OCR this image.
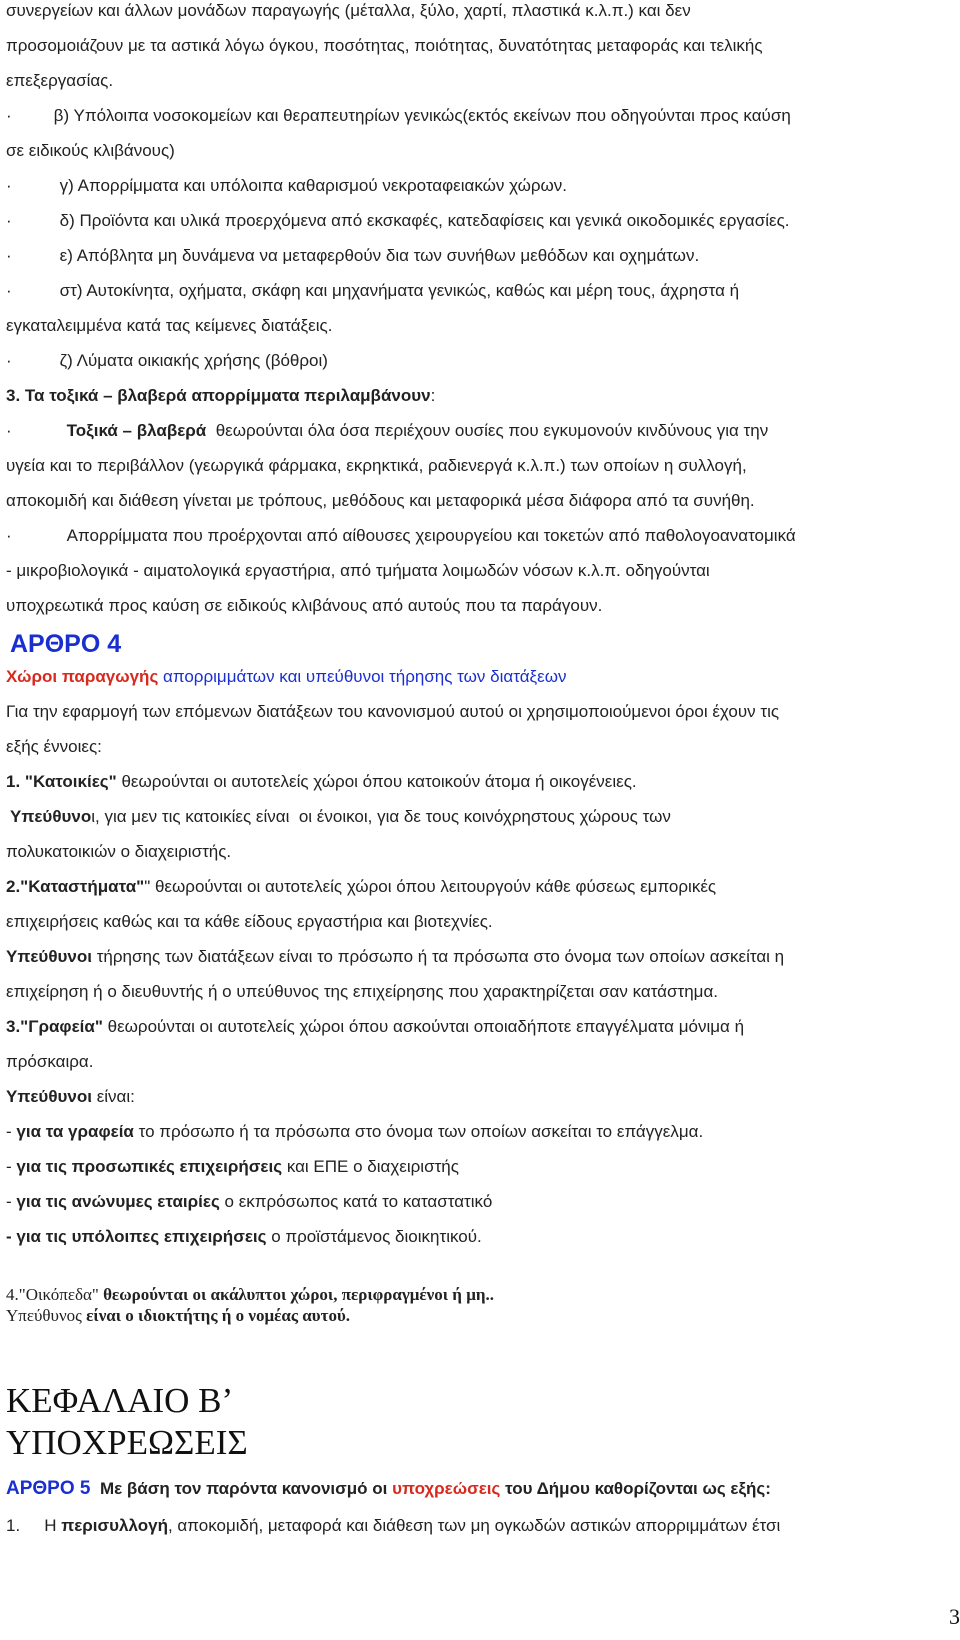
συνεργείων και άλλων μονάδων παραγωγής (μέταλλα, ξύλο, χαρτί, πλαστικά κ.λ.π.) και δεν
προσομοιάζουν με τα αστικά λόγω όγκου, ποσότητας, ποιότητας, δυνατότητας μεταφοράς και τελικής
επεξεργασίας.
· β) Υπόλοιπα νοσοκομείων και θεραπευτηρίων γενικώς(εκτός εκείνων που οδηγούνται προς καύση
σε ειδικούς κλιβάνους)
·	γ) Απορρίμματα και υπόλοιπα καθαρισμού νεκροταφειακών χώρων.
·	δ) Προϊόντα και υλικά προερχόμενα από εκσκαφές, κατεδαφίσεις και γενικά οικοδομικές εργασίες.
·	ε) Απόβλητα μη δυνάμενα να μεταφερθούν δια των συνήθων μεθόδων και οχημάτων.
·	στ) Αυτοκίνητα, οχήματα, σκάφη και μηχανήματα γενικώς, καθώς και μέρη τους, άχρηστα ή
εγκαταλειμμένα κατά τας κείμενες διατάξεις.
·	ζ) Λύματα οικιακής χρήσης (βόθροι)
3. Τα τοξικά – βλαβερά απορρίμματα περιλαμβάνουν:
·	Τοξικά – βλαβερά θεωρούνται όλα όσα περιέχουν ουσίες που εγκυμονούν κινδύνους για την
υγεία και το περιβάλλον (γεωργικά φάρμακα, εκρηκτικά, ραδιενεργά κ.λ.π.) των οποίων η συλλογή,
αποκομιδή και διάθεση γίνεται με τρόπους, μεθόδους και μεταφορικά μέσα διάφορα από τα συνήθη.
·	Απορρίμματα που προέρχονται από αίθουσες χειρουργείου και τοκετών από παθολογοανατομικά
- μικροβιολογικά - αιματολογικά εργαστήρια, από τμήματα λοιμωδών νόσων κ.λ.π. οδηγούνται
υποχρεωτικά προς καύση σε ειδικούς κλιβάνους από αυτούς που τα παράγουν.
ΑΡΘΡΟ 4
Χώροι παραγωγής απορριμμάτων και υπεύθυνοι τήρησης των διατάξεων
Για την εφαρμογή των επόμενων διατάξεων του κανονισμού αυτού οι χρησιμοποιούμενοι όροι έχουν τις
εξής έννοιες:
1. "Κατοικίες" θεωρούνται οι αυτοτελείς χώροι όπου κατοικούν άτομα ή οικογένειες.
Υπεύθυνοι, για μεν τις κατοικίες είναι οι ένοικοι, για δε τους κοινόχρηστους χώρους των
πολυκατοικιών ο διαχειριστής.
2."Καταστήματα"" θεωρούνται οι αυτοτελείς χώροι όπου λειτουργούν κάθε φύσεως εμπορικές
επιχειρήσεις καθώς και τα κάθε είδους εργαστήρια και βιοτεχνίες.
Υπεύθυνοι τήρησης των διατάξεων είναι το πρόσωπο ή τα πρόσωπα στο όνομα των οποίων ασκείται η
επιχείρηση ή ο διευθυντής ή ο υπεύθυνος της επιχείρησης που χαρακτηρίζεται σαν κατάστημα.
3."Γραφεία" θεωρούνται οι αυτοτελείς χώροι όπου ασκούνται οποιαδήποτε επαγγέλματα μόνιμα ή
πρόσκαιρα.
Υπεύθυνοι είναι:
- για τα γραφεία το πρόσωπο ή τα πρόσωπα στο όνομα των οποίων ασκείται το επάγγελμα.
- για τις προσωπικές επιχειρήσεις και ΕΠΕ ο διαχειριστής
- για τις ανώνυμες εταιρίες ο εκπρόσωπος κατά το καταστατικό
- για τις υπόλοιπες επιχειρήσεις ο προϊστάμενος διοικητικού.
4."Οικόπεδα" θεωρούνται οι ακάλυπτοι χώροι, περιφραγμένοι ή μη..
Υπεύθυνος είναι ο ιδιοκτήτης ή ο νομέας αυτού.
ΚΕΦΑΛΑΙΟ Β’
ΥΠΟΧΡΕΩΣΕΙΣ
ΑΡΘΡΟ 5 Με βάση τον παρόντα κανονισμό οι υποχρεώσεις του Δήμου καθορίζονται ως εξής:
1. Η περισυλλογή, αποκομιδή, μεταφορά και διάθεση των μη ογκωδών αστικών απορριμμάτων έτσι
3
